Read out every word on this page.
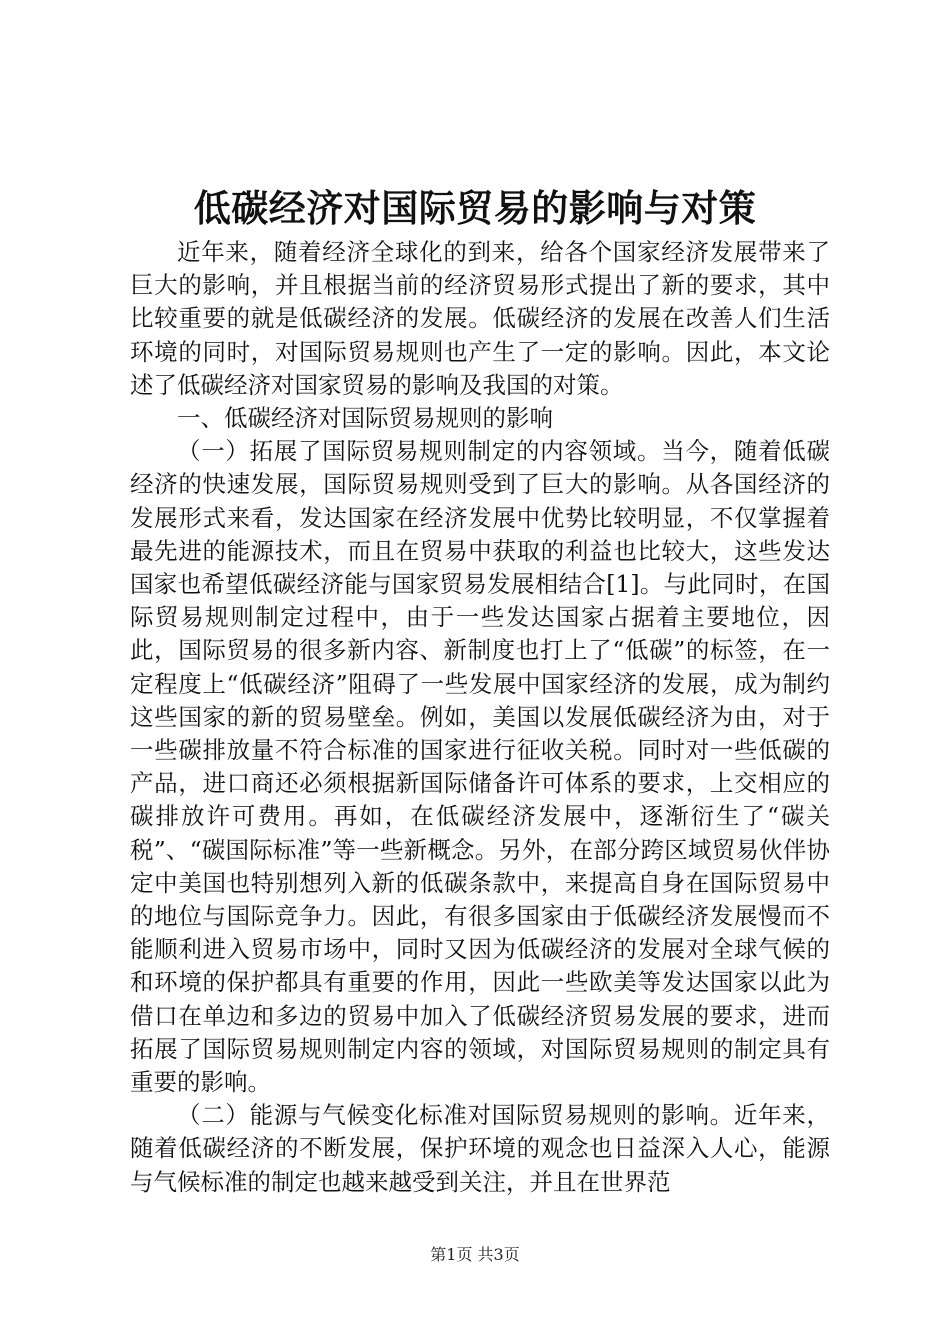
低碳经济对国际贸易的影响与对策

近年来，随着经济全球化的到来，给各个国家经济发展带来了巨大的影响，并且根据当前的经济贸易形式提出了新的要求，其中比较重要的就是低碳经济的发展。低碳经济的发展在改善人们生活环境的同时，对国际贸易规则也产生了一定的影响。因此，本文论述了低碳经济对国家贸易的影响及我国的对策。

一、低碳经济对国际贸易规则的影响

（一）拓展了国际贸易规则制定的内容领域。当今，随着低碳经济的快速发展，国际贸易规则受到了巨大的影响。从各国经济的发展形式来看，发达国家在经济发展中优势比较明显，不仅掌握着最先进的能源技术，而且在贸易中获取的利益也比较大，这些发达国家也希望低碳经济能与国家贸易发展相结合[1]。与此同时，在国际贸易规则制定过程中，由于一些发达国家占据着主要地位，因此，国际贸易的很多新内容、新制度也打上了“低碳”的标签，在一定程度上“低碳经济”阻碍了一些发展中国家经济的发展，成为制约这些国家的新的贸易壁垒。例如，美国以发展低碳经济为由，对于一些碳排放量不符合标准的国家进行征收关税。同时对一些低碳的产品，进口商还必须根据新国际储备许可体系的要求，上交相应的碳排放许可费用。再如，在低碳经济发展中，逐渐衍生了“碳关税”、“碳国际标准”等一些新概念。另外，在部分跨区域贸易伙伴协定中美国也特别想列入新的低碳条款中，来提高自身在国际贸易中的地位与国际竞争力。因此，有很多国家由于低碳经济发展慢而不能顺利进入贸易市场中，同时又因为低碳经济的发展对全球气候的和环境的保护都具有重要的作用，因此一些欧美等发达国家以此为借口在单边和多边的贸易中加入了低碳经济贸易发展的要求，进而拓展了国际贸易规则制定内容的领域，对国际贸易规则的制定具有重要的影响。

（二）能源与气候变化标准对国际贸易规则的影响。近年来，随着低碳经济的不断发展，保护环境的观念也日益深入人心，能源与气候标准的制定也越来越受到关注，并且在世界范

第1页 共3页
